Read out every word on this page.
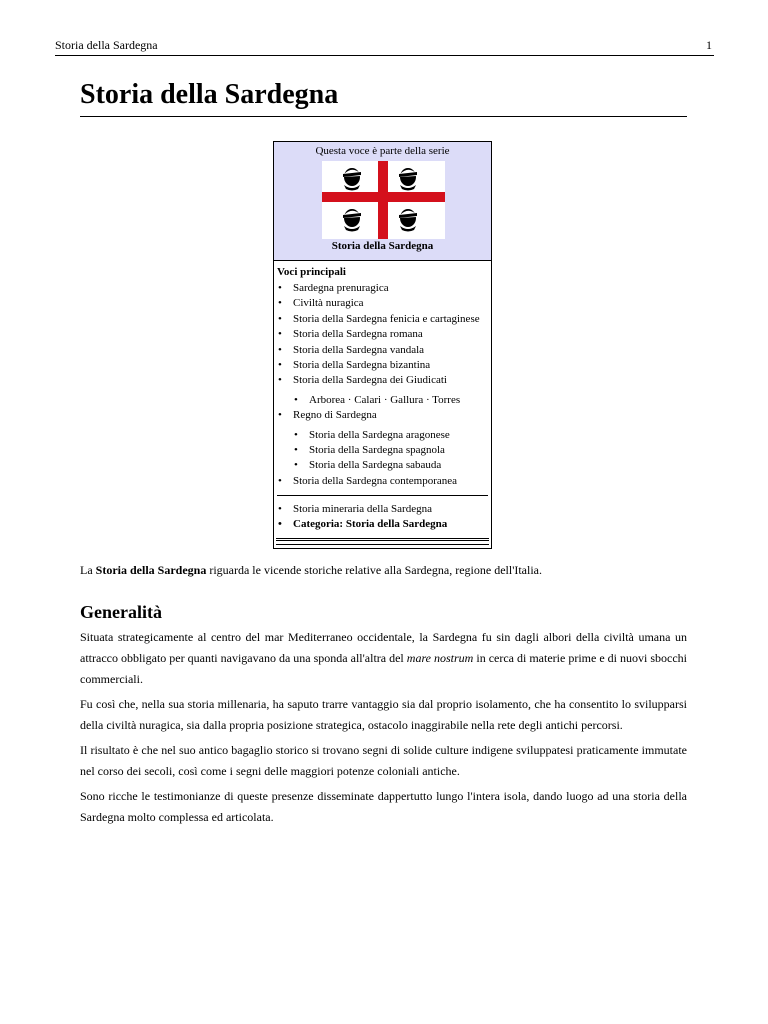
Storia della Sardegna	1
Storia della Sardegna
Questa voce è parte della serie
Storia della Sardegna
Voci principali
• Sardegna prenuragica
• Civiltà nuragica
• Storia della Sardegna fenicia e cartaginese
• Storia della Sardegna romana
• Storia della Sardegna vandala
• Storia della Sardegna bizantina
• Storia della Sardegna dei Giudicati
• Arborea · Calari · Gallura · Torres
• Regno di Sardegna
• Storia della Sardegna aragonese
• Storia della Sardegna spagnola
• Storia della Sardegna sabauda
• Storia della Sardegna contemporanea
• Storia mineraria della Sardegna
• Categoria: Storia della Sardegna

La Storia della Sardegna riguarda le vicende storiche relative alla Sardegna, regione dell'Italia.

Generalità

Situata strategicamente al centro del mar Mediterraneo occidentale, la Sardegna fu sin dagli albori della civiltà umana un attracco obbligato per quanti navigavano da una sponda all'altra del mare nostrum in cerca di materie prime e di nuovi sbocchi commerciali.

Fu così che, nella sua storia millenaria, ha saputo trarre vantaggio sia dal proprio isolamento, che ha consentito lo svilupparsi della civiltà nuragica, sia dalla propria posizione strategica, ostacolo inaggirabile nella rete degli antichi percorsi.

Il risultato è che nel suo antico bagaglio storico si trovano segni di solide culture indigene sviluppatesi praticamente immutate nel corso dei secoli, così come i segni delle maggiori potenze coloniali antiche.

Sono ricche le testimonianze di queste presenze disseminate dappertutto lungo l'intera isola, dando luogo ad una storia della Sardegna molto complessa ed articolata.
